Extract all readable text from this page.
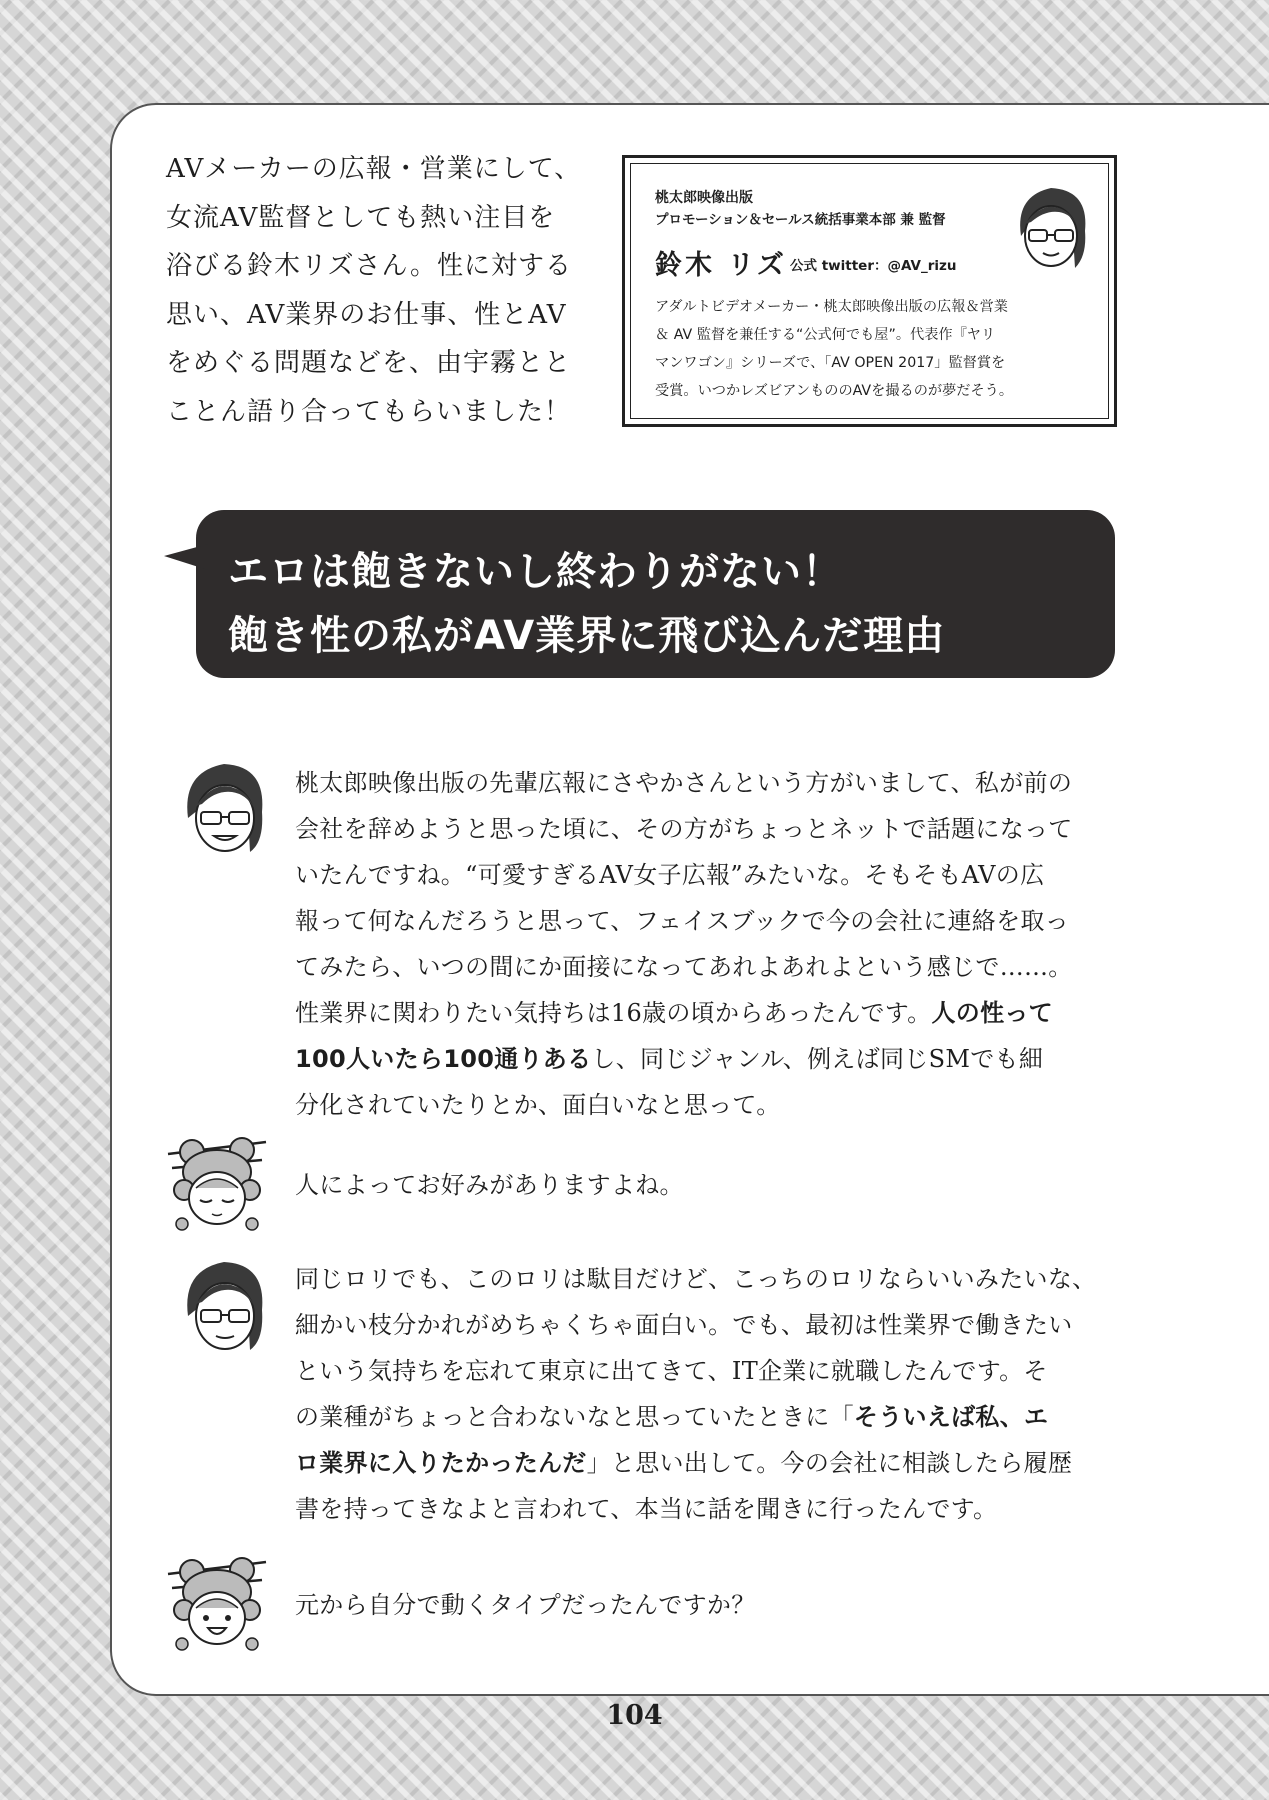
AVメーカーの広報・営業にして、
女流AV監督としても熱い注目を
浴びる鈴木リズさん。性に対する
思い、AV業界のお仕事、性とAV
をめぐる問題などを、由宇霧とと
ことん語り合ってもらいました！
桃太郎映像出版
プロモーション＆セールス統括事業本部 兼 監督
鈴木 リズ 公式 twitter：@AV_rizu
アダルトビデオメーカー・桃太郎映像出版の広報＆営業
＆ AV 監督を兼任する“公式何でも屋”。代表作『ヤリ
マンワゴン』シリーズで、「AV OPEN 2017」監督賞を
受賞。いつかレズビアンもののAVを撮るのが夢だそう。
エロは飽きないし終わりがない！
飽き性の私がAV業界に飛び込んだ理由
桃太郎映像出版の先輩広報にさやかさんという方がいまして、私が前の
会社を辞めようと思った頃に、その方がちょっとネットで話題になって
いたんですね。“可愛すぎるAV女子広報”みたいな。そもそもAVの広
報って何なんだろうと思って、フェイスブックで今の会社に連絡を取っ
てみたら、いつの間にか面接になってあれよあれよという感じで……。
性業界に関わりたい気持ちは16歳の頃からあったんです。人の性って
100人いたら100通りあるし、同じジャンル、例えば同じSMでも細
分化されていたりとか、面白いなと思って。
人によってお好みがありますよね。
同じロリでも、このロリは駄目だけど、こっちのロリならいいみたいな、
細かい枝分かれがめちゃくちゃ面白い。でも、最初は性業界で働きたい
という気持ちを忘れて東京に出てきて、IT企業に就職したんです。そ
の業種がちょっと合わないなと思っていたときに「そういえば私、エ
ロ業界に入りたかったんだ」と思い出して。今の会社に相談したら履歴
書を持ってきなよと言われて、本当に話を聞きに行ったんです。
元から自分で動くタイプだったんですか？
104
